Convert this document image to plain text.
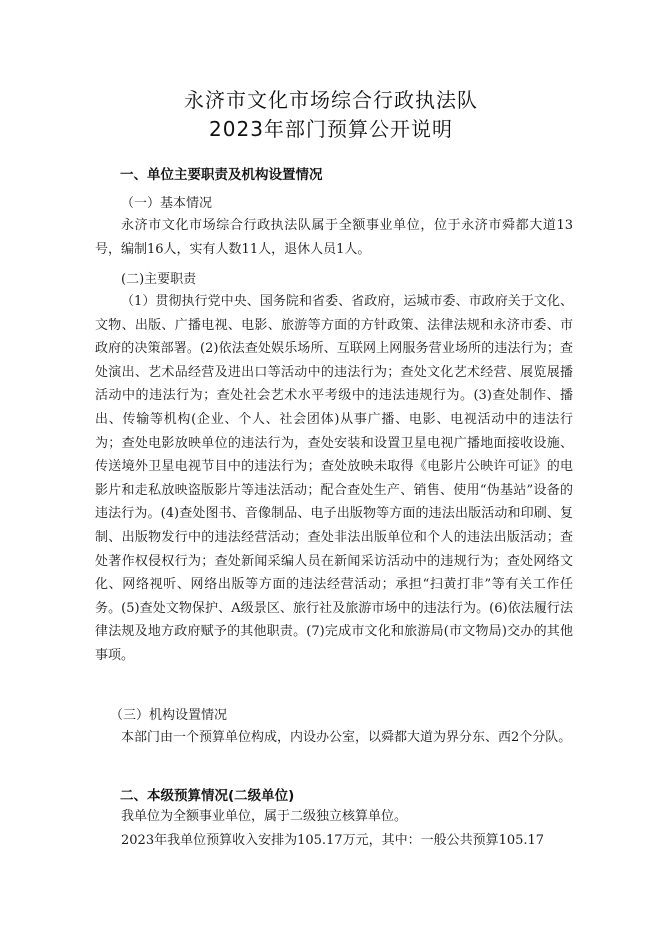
永济市文化市场综合行政执法队
2023年部门预算公开说明
一、单位主要职责及机构设置情况
（一）基本情况

永济市文化市场综合行政执法队属于全额事业单位，位于永济市舜都大道13号，编制16人，实有人数11人，退休人员1人。

(二)主要职责

（1）贯彻执行党中央、国务院和省委、省政府，运城市委、市政府关于文化、文物、出版、广播电视、电影、旅游等方面的方针政策、法律法规和永济市委、市政府的决策部署。(2)依法查处娱乐场所、互联网上网服务营业场所的违法行为；查处演出、艺术品经营及进出口等活动中的违法行为；查处文化艺术经营、展览展播活动中的违法行为；查处社会艺术水平考级中的违法违规行为。(3)查处制作、播出、传输等机构(企业、个人、社会团体)从事广播、电影、电视活动中的违法行为；查处电影放映单位的违法行为，查处安装和设置卫星电视广播地面接收设施、传送境外卫星电视节目中的违法行为；查处放映未取得《电影片公映许可证》的电影片和走私放映盗版影片等违法活动；配合查处生产、销售、使用“伪基站”设备的违法行为。(4)查处图书、音像制品、电子出版物等方面的违法出版活动和印刷、复制、出版物发行中的违法经营活动；查处非法出版单位和个人的违法出版活动；查处著作权侵权行为；查处新闻采编人员在新闻采访活动中的违规行为；查处网络文化、网络视听、网络出版等方面的违法经营活动；承担“扫黄打非”等有关工作任务。(5)查处文物保护、A级景区、旅行社及旅游市场中的违法行为。(6)依法履行法律法规及地方政府赋予的其他职责。(7)完成市文化和旅游局(市文物局)交办的其他事项。

（三）机构设置情况

本部门由一个预算单位构成，内设办公室，以舜都大道为界分东、西2个分队。

二、本级预算情况(二级单位)

我单位为全额事业单位，属于二级独立核算单位。

2023年我单位预算收入安排为105.17万元，其中：一般公共预算105.17
